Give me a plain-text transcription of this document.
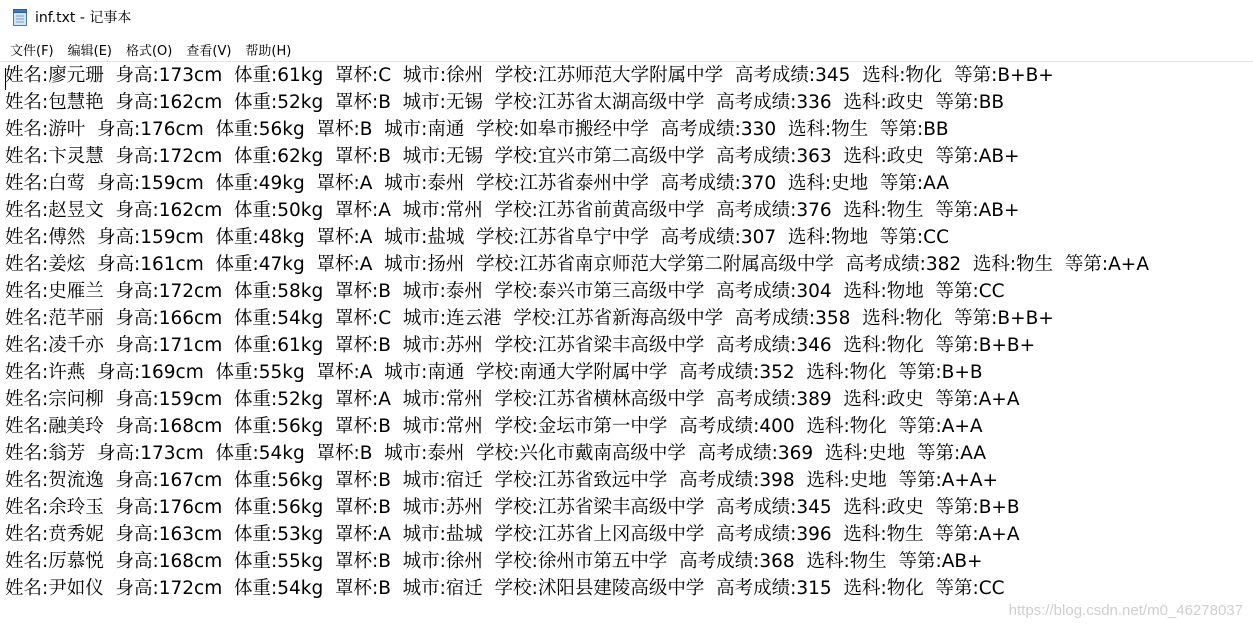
inf.txt - 记事本
文件(F)	编辑(E)	格式(O)	查看(V)	帮助(H)
姓名:廖元珊  身高:173cm  体重:61kg  罩杯:C  城市:徐州  学校:江苏师范大学附属中学  高考成绩:345  选科:物化  等第:B+B+
姓名:包慧艳  身高:162cm  体重:52kg  罩杯:B  城市:无锡  学校:江苏省太湖高级中学  高考成绩:336  选科:政史  等第:BB
姓名:游叶  身高:176cm  体重:56kg  罩杯:B  城市:南通  学校:如皋市搬经中学  高考成绩:330  选科:物生  等第:BB
姓名:卞灵慧  身高:172cm  体重:62kg  罩杯:B  城市:无锡  学校:宜兴市第二高级中学  高考成绩:363  选科:政史  等第:AB+
姓名:白莺  身高:159cm  体重:49kg  罩杯:A  城市:泰州  学校:江苏省泰州中学  高考成绩:370  选科:史地  等第:AA
姓名:赵昱文  身高:162cm  体重:50kg  罩杯:A  城市:常州  学校:江苏省前黄高级中学  高考成绩:376  选科:物生  等第:AB+
姓名:傅然  身高:159cm  体重:48kg  罩杯:A  城市:盐城  学校:江苏省阜宁中学  高考成绩:307  选科:物地  等第:CC
姓名:姜炫  身高:161cm  体重:47kg  罩杯:A  城市:扬州  学校:江苏省南京师范大学第二附属高级中学  高考成绩:382  选科:物生  等第:A+A
姓名:史雁兰  身高:172cm  体重:58kg  罩杯:B  城市:泰州  学校:泰兴市第三高级中学  高考成绩:304  选科:物地  等第:CC
姓名:范芊丽  身高:166cm  体重:54kg  罩杯:C  城市:连云港  学校:江苏省新海高级中学  高考成绩:358  选科:物化  等第:B+B+
姓名:凌千亦  身高:171cm  体重:61kg  罩杯:B  城市:苏州  学校:江苏省梁丰高级中学  高考成绩:346  选科:物化  等第:B+B+
姓名:许燕  身高:169cm  体重:55kg  罩杯:A  城市:南通  学校:南通大学附属中学  高考成绩:352  选科:物化  等第:B+B
姓名:宗问柳  身高:159cm  体重:52kg  罩杯:A  城市:常州  学校:江苏省横林高级中学  高考成绩:389  选科:政史  等第:A+A
姓名:融美玲  身高:168cm  体重:56kg  罩杯:B  城市:常州  学校:金坛市第一中学  高考成绩:400  选科:物化  等第:A+A
姓名:翁芳  身高:173cm  体重:54kg  罩杯:B  城市:泰州  学校:兴化市戴南高级中学  高考成绩:369  选科:史地  等第:AA
姓名:贺流逸  身高:167cm  体重:56kg  罩杯:B  城市:宿迁  学校:江苏省致远中学  高考成绩:398  选科:史地  等第:A+A+
姓名:余玲玉  身高:176cm  体重:56kg  罩杯:B  城市:苏州  学校:江苏省梁丰高级中学  高考成绩:345  选科:政史  等第:B+B
姓名:贲秀妮  身高:163cm  体重:53kg  罩杯:A  城市:盐城  学校:江苏省上冈高级中学  高考成绩:396  选科:物生  等第:A+A
姓名:厉慕悦  身高:168cm  体重:55kg  罩杯:B  城市:徐州  学校:徐州市第五中学  高考成绩:368  选科:物生  等第:AB+
姓名:尹如仪  身高:172cm  体重:54kg  罩杯:B  城市:宿迁  学校:沭阳县建陵高级中学  高考成绩:315  选科:物化  等第:CC
https://blog.csdn.net/m0_46278037
